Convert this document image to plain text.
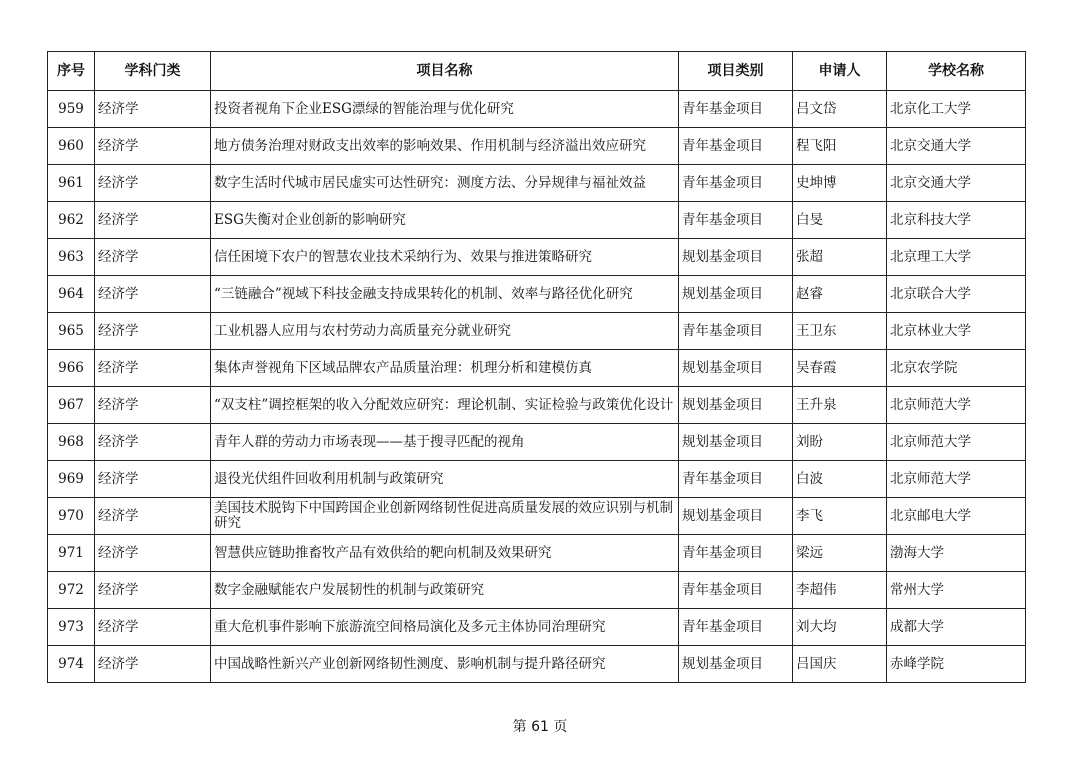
序号	学科门类	项目名称	项目类别	申请人	学校名称
959	经济学	投资者视角下企业ESG漂绿的智能治理与优化研究	青年基金项目	吕文岱	北京化工大学
960	经济学	地方债务治理对财政支出效率的影响效果、作用机制与经济溢出效应研究	青年基金项目	程飞阳	北京交通大学
961	经济学	数字生活时代城市居民虚实可达性研究：测度方法、分异规律与福祉效益	青年基金项目	史坤博	北京交通大学
962	经济学	ESG失衡对企业创新的影响研究	青年基金项目	白旻	北京科技大学
963	经济学	信任困境下农户的智慧农业技术采纳行为、效果与推进策略研究	规划基金项目	张超	北京理工大学
964	经济学	“三链融合”视域下科技金融支持成果转化的机制、效率与路径优化研究	规划基金项目	赵睿	北京联合大学
965	经济学	工业机器人应用与农村劳动力高质量充分就业研究	青年基金项目	王卫东	北京林业大学
966	经济学	集体声誉视角下区域品牌农产品质量治理：机理分析和建模仿真	规划基金项目	吴春霞	北京农学院
967	经济学	“双支柱”调控框架的收入分配效应研究：理论机制、实证检验与政策优化设计	规划基金项目	王升泉	北京师范大学
968	经济学	青年人群的劳动力市场表现——基于搜寻匹配的视角	规划基金项目	刘盼	北京师范大学
969	经济学	退役光伏组件回收利用机制与政策研究	青年基金项目	白波	北京师范大学
970	经济学	美国技术脱钩下中国跨国企业创新网络韧性促进高质量发展的效应识别与机制研究	规划基金项目	李飞	北京邮电大学
971	经济学	智慧供应链助推畜牧产品有效供给的靶向机制及效果研究	青年基金项目	梁远	渤海大学
972	经济学	数字金融赋能农户发展韧性的机制与政策研究	青年基金项目	李超伟	常州大学
973	经济学	重大危机事件影响下旅游流空间格局演化及多元主体协同治理研究	青年基金项目	刘大均	成都大学
974	经济学	中国战略性新兴产业创新网络韧性测度、影响机制与提升路径研究	规划基金项目	吕国庆	赤峰学院
第 61 页
